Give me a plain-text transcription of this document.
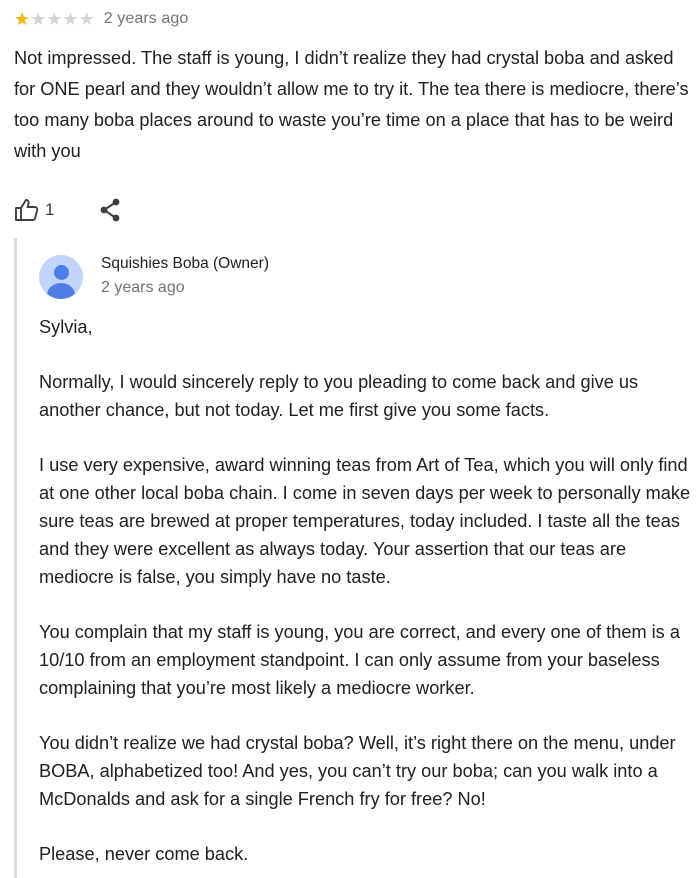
★ ★ ★ ★ ★ 2 years ago
Not impressed. The staff is young, I didn’t realize they had crystal boba and asked for ONE pearl and they wouldn’t allow me to try it. The tea there is mediocre, there’s too many boba places around to waste you’re time on a place that has to be weird with you
1
Squishies Boba (Owner)
2 years ago

Sylvia,

Normally, I would sincerely reply to you pleading to come back and give us another chance, but not today. Let me first give you some facts.

I use very expensive, award winning teas from Art of Tea, which you will only find at one other local boba chain. I come in seven days per week to personally make sure teas are brewed at proper temperatures, today included. I taste all the teas and they were excellent as always today. Your assertion that our teas are mediocre is false, you simply have no taste.

You complain that my staff is young, you are correct, and every one of them is a 10/10 from an employment standpoint. I can only assume from your baseless complaining that you’re most likely a mediocre worker.

You didn’t realize we had crystal boba? Well, it’s right there on the menu, under BOBA, alphabetized too! And yes, you can’t try our boba; can you walk into a McDonalds and ask for a single French fry for free? No!

Please, never come back.
